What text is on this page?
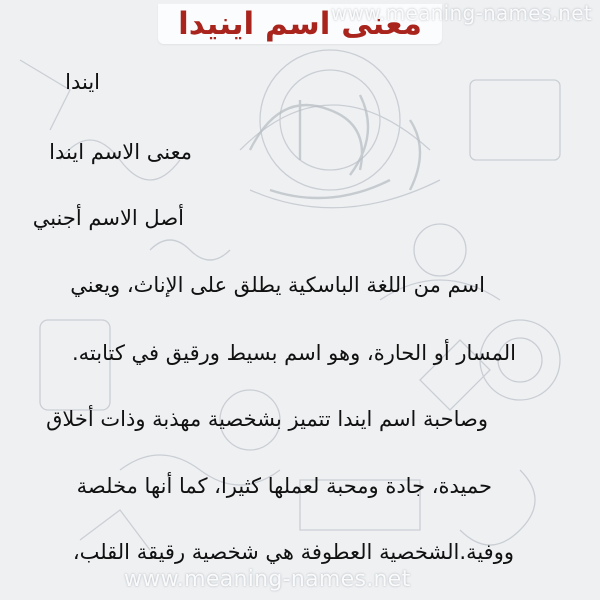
معنى اسم اينيدا
www.meaning-names.net
ايندا
معنى الاسم ايندا
أصل الاسم أجنبي
اسم من اللغة الباسكية يطلق على الإناث، ويعني
المسار أو الحارة، وهو اسم بسيط ورقيق في كتابته.
وصاحبة اسم ايندا تتميز بشخصية مهذبة وذات أخلاق
حميدة، جادة ومحبة لعملها كثيرا، كما أنها مخلصة
ووفية.الشخصية العطوفة هي شخصية رقيقة القلب،
www.meaning-names.net
